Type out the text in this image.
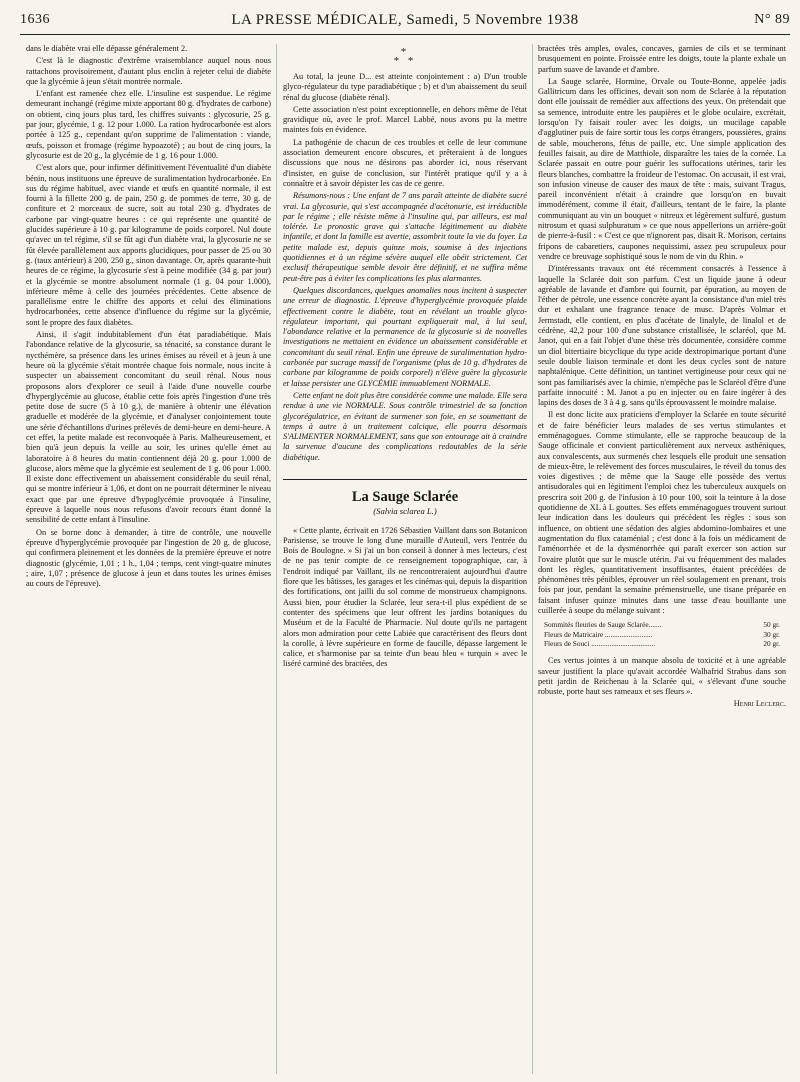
1636	LA PRESSE MÉDICALE, Samedi, 5 Novembre 1938	N° 89

dans le diabète vrai elle dépasse généralement 2.

C'est là le diagnostic d'extrême vraisemblance auquel nous nous rattachons provisoirement, d'autant plus enclin à rejeter celui de diabète que la glycémie à jeun s'était montrée normale.

L'enfant est ramenée chez elle. L'insuline est suspendue. Le régime demeurant inchangé (régime mixte apportant 80 g. d'hydrates de carbone) on obtient, cinq jours plus tard, les chiffres suivants : glycosurie, 25 g. par jour, glycémie, 1 g. 12 pour 1.000. La ration hydrocarbonée est alors portée à 125 g., cependant qu'on supprime de l'alimentation : viande, œufs, poisson et fromage (régime hypoazoté) ; au bout de cinq jours, la glycosurie est de 20 g., la glycémie de 1 g. 16 pour 1.000.

C'est alors que, pour infirmer définitivement l'éventualité d'un diabète bénin, nous instituons une épreuve de suralimentation hydrocarbonée. En sus du régime habituel, avec viande et œufs en quantité normale, il est fourni à la fillette 200 g. de pain, 250 g. de pommes de terre, 30 g. de confiture et 2 morceaux de sucre, soit au total 230 g. d'hydrates de carbone par vingt-quatre heures : ce qui représente une quantité de glucides supérieure à 10 g. par kilogramme de poids corporel. Nul doute qu'avec un tel régime, s'il se fût agi d'un diabète vrai, la glycosurie ne se fût élevée parallèlement aux apports glucidiques, pour passer de 25 ou 30 g. (taux antérieur) à 200, 250 g., sinon davantage. Or, après quarante-huit heures de ce régime, la glycosurie s'est à peine modifiée (34 g. par jour) et la glycémie se montre absolument normale (1 g. 04 pour 1.000), inférieure même à celle des journées précédentes. Cette absence de parallélisme entre le chiffre des apports et celui des éliminations hydrocarbonées, cette absence d'influence du régime sur la glycémie, sont le propre des faux diabètes.

Ainsi, il s'agit indubitablement d'un état paradiabétique. Mais l'abondance relative de la glycosurie, sa ténacité, sa constance durant le nycthémère, sa présence dans les urines émises au réveil et à jeun à une heure où la glycémie s'était montrée chaque fois normale, nous incite à suspecter un abaissement concomitant du seuil rénal. Nous nous proposons alors d'explorer ce seuil à l'aide d'une nouvelle courbe d'hyperglycémie au glucose, établie cette fois après l'ingestion d'une très petite dose de sucre (5 à 10 g.), de manière à obtenir une élévation graduelle et modérée de la glycémie, et d'analyser conjointement toute une série d'échantillons d'urines prélevés de demi-heure en demi-heure. A cet effet, la petite malade est reconvoquée à Paris. Malheureusement, et bien qu'à jeun depuis la veille au soir, les urines qu'elle émet au laboratoire à 8 heures du matin contiennent déjà 20 g. pour 1.000 de glucose, alors même que la glycémie est seulement de 1 g. 06 pour 1.000. Il existe donc effectivement un abaissement considérable du seuil rénal, qui se montre inférieur à 1,06, et dont on ne pourrait déterminer le niveau exact que par une épreuve d'hypoglycémie provoquée à l'insuline, épreuve à laquelle nous nous refusons d'avoir recours étant donné la sensibilité de cette enfant à l'insuline.

On se borne donc à demander, à titre de contrôle, une nouvelle épreuve d'hyperglycémie provoquée par l'ingestion de 20 g. de glucose, qui confirmera pleinement et les données de la première épreuve et notre diagnostic (glycémie, 1,01 ; 1 h., 1,04 ; temps, cent vingt-quatre minutes ; aire, 1,07 ; présence de glucose à jeun et dans toutes les urines émises au cours de l'épreuve).

*
* *

Au total, la jeune D... est atteinte conjointement : a) D'un trouble glyco-régulateur du type paradiabétique ; b) et d'un abaissement du seuil rénal du glucose (diabète rénal).

Cette association n'est point exceptionnelle, en dehors même de l'état gravidique où, avec le prof. Marcel Labbé, nous avons pu la mettre maintes fois en évidence.

La pathogénie de chacun de ces troubles et celle de leur commune association demeurent encore obscures, et prêteraient à de longues discussions que nous ne désirons pas aborder ici, nous réservant d'insister, en guise de conclusion, sur l'intérêt pratique qu'il y a à connaître et à savoir dépister les cas de ce genre.

Résumons-nous : Une enfant de 7 ans paraît atteinte de diabète sucré vrai. La glycosurie, qui s'est accompagnée d'acétonurie, est irréductible par le régime ; elle résiste même à l'insuline qui, par ailleurs, est mal tolérée. Le pronostic grave qui s'attache légitimement au diabète infantile, et dont la famille est avertie, assombrit toute la vie du foyer. La petite malade est, depuis quinze mois, soumise à des injections quotidiennes et à un régime sévère auquel elle obéit strictement. Cet exclusif thérapeutique semble devoir être définitif, et ne suffira même peut-être pas à éviter les complications les plus alarmantes.

Quelques discordances, quelques anomalies nous incitent à suspecter une erreur de diagnostic. L'épreuve d'hyperglycémie provoquée plaide effectivement contre le diabète, tout en révélant un trouble glyco-régulateur important, qui pourtant expliquerait mal, à lui seul, l'abondance relative et la permanence de la glycosurie si de nouvelles investigations ne mettaient en évidence un abaissement considérable et concomitant du seuil rénal. Enfin une épreuve de suralimentation hydro-carbonée par sucrage massif de l'organisme (plus de 10 g. d'hydrates de carbone par kilogramme de poids corporel) n'élève guère la glycosurie et laisse persister une GLYCÉMIE immuablement NORMALE.

Cette enfant ne doit plus être considérée comme une malade. Elle sera rendue à une vie NORMALE. Sous contrôle trimestriel de sa fonction glycorégulatrice, en évitant de surmener son foie, en se soumettant de temps à autre à un traitement calcique, elle pourra désormais S'ALIMENTER NORMALEMENT, sans que son entourage ait à craindre la survenue d'aucune des complications redoutables de la série diabétique.

La Sauge Sclarée
(Salvia sclarea L.)

« Cette plante, écrivait en 1726 Sébastien Vaillant dans son Botanicon Parisiense, se trouve le long d'une muraille d'Auteuil, vers l'entrée du Bois de Boulogne. » Si j'ai un bon conseil à donner à mes lecteurs, c'est de ne pas tenir compte de ce renseignement topographique, car, à l'endroit indiqué par Vaillant, ils ne rencontreraient aujourd'hui d'autre flore que les bâtisses, les garages et les cinémas qui, depuis la disparition des fortifications, ont jailli du sol comme de monstrueux champignons. Aussi bien, pour étudier la Sclarée, leur sera-t-il plus expédient de se contenter des spécimens que leur offrent les jardins botaniques du Muséum et de la Faculté de Pharmacie. Nul doute qu'ils ne partagent alors mon admiration pour cette Labiée que caractérisent des fleurs dont la corolle, à lèvre supérieure en forme de faucille, dépasse largement le calice, et s'harmonise par sa teinte d'un beau bleu « turquin » avec le liséré carminé des bractées, des

bractées très amples, ovales, concaves, garnies de cils et se terminant brusquement en pointe. Froissée entre les doigts, toute la plante exhale un parfum suave de lavande et d'ambre.

La Sauge sclarée, Hormine, Orvale ou Toute-Bonne, appelée jadis Gallitricum dans les officines, devait son nom de Sclarée à la réputation dont elle jouissait de remédier aux affections des yeux. On prétendait que sa semence, introduite entre les paupières et le globe oculaire, excrétait, lorsqu'on l'y faisait rouler avec les doigts, un mucilage capable d'agglutiner puis de faire sortir tous les corps étrangers, poussières, grains de sable, moucherons, fétus de paille, etc. Une simple application des feuilles faisait, au dire de Matthiole, disparaître les taies de la cornée. La Sclarée passait en outre pour guérir les suffocations utérines, tarir les fleurs blanches, combattre la froideur de l'estomac. On accusait, il est vrai, son infusion vineuse de causer des maux de tête : mais, suivant Tragus, pareil inconvénient n'était à craindre que lorsqu'on en buvait immodérément, comme il était, d'ailleurs, tentant de le faire, la plante communiquant au vin un bouquet « nitreux et légèrement sulfuré, gustum nitrosum et quasi sulphuratum » ce que nous appellerions un arrière-goût de pierre-à-fusil : « C'est ce que n'ignorent pas, disait R. Morison, certains fripons de cabaretiers, caupones nequissimi, assez peu scrupuleux pour vendre ce breuvage sophistiqué sous le nom de vin du Rhin. »

D'intéressants travaux ont été récemment consacrés à l'essence à laquelle la Sclarée doit son parfum. C'est un liquide jaune à odeur agréable de lavande et d'ambre qui fournit, par épuration, au moyen de l'éther de pétrole, une essence concrète ayant la consistance d'un miel très dur et exhalant une fragrance tenace de musc. D'après Volmar et Jermstadt, elle contient, en plus d'acétate de linalyle, de linalol et de cédrène, 42,2 pour 100 d'une substance cristallisée, le sclaréol, que M. Janot, qui en a fait l'objet d'une thèse très documentée, considère comme un diol bitertiaire bicyclique du type acide dextropimarique portant d'une seule double liaison terminale et dont les deux cycles sont de nature naphtalénique. Cette définition, un tantinet vertigineuse pour ceux qui ne sont pas familiarisés avec la chimie, n'empêche pas le Sclaréol d'être d'une parfaite innocuité : M. Janot a pu en injecter ou en faire ingérer à des lapins des doses de 3 à 4 g. sans qu'ils éprouvassent le moindre malaise.

Il est donc licite aux praticiens d'employer la Sclarée en toute sécurité et de faire bénéficier leurs malades de ses vertus stimulantes et emménagogues. Comme stimulante, elle se rapproche beaucoup de la Sauge officinale et convient particulièrement aux nerveux asthéniques, aux convalescents, aux surmenés chez lesquels elle produit une sensation de mieux-être, le relèvement des forces musculaires, le réveil du tonus des voies digestives ; de même que la Sauge elle possède des vertus antisudorales qui en légitiment l'emploi chez les tuberculeux auxquels on prescrira soit 200 g. de l'infusion à 10 pour 100, soit la teinture à la dose quotidienne de XL à L gouttes. Ses effets emménagogues trouvent surtout leur indication dans les douleurs qui précèdent les règles : sous son influence, on obtient une sédation des algies abdomino-lombaires et une augmentation du flux cataménial ; c'est donc à la fois un médicament de l'aménorrhée et de la dysménorrhée qui paraît exercer son action sur l'ovaire plutôt que sur le muscle utérin. J'ai vu fréquemment des malades dont les règles, quantitativement insuffisantes, étaient précédées de phénomènes très pénibles, éprouver un réel soulagement en prenant, trois fois par jour, pendant la semaine prémenstruelle, une tisane préparée en faisant infuser quinze minutes dans une tasse d'eau bouillante une cuillerée à soupe du mélange suivant :

Sommités fleuries de Sauge Sclarée.......	50 gr.
Fleurs de Matricaire ..........................	30 gr.
Fleurs de Souci ...................................	20 gr.

Ces vertus jointes à un manque absolu de toxicité et à une agréable saveur justifient la place qu'avait accordée Walhafrid Strabus dans son petit jardin de Reichenau à la Sclarée qui, « s'élevant d'une souche robuste, porte haut ses rameaux et ses fleurs ».

Henri Leclerc.
